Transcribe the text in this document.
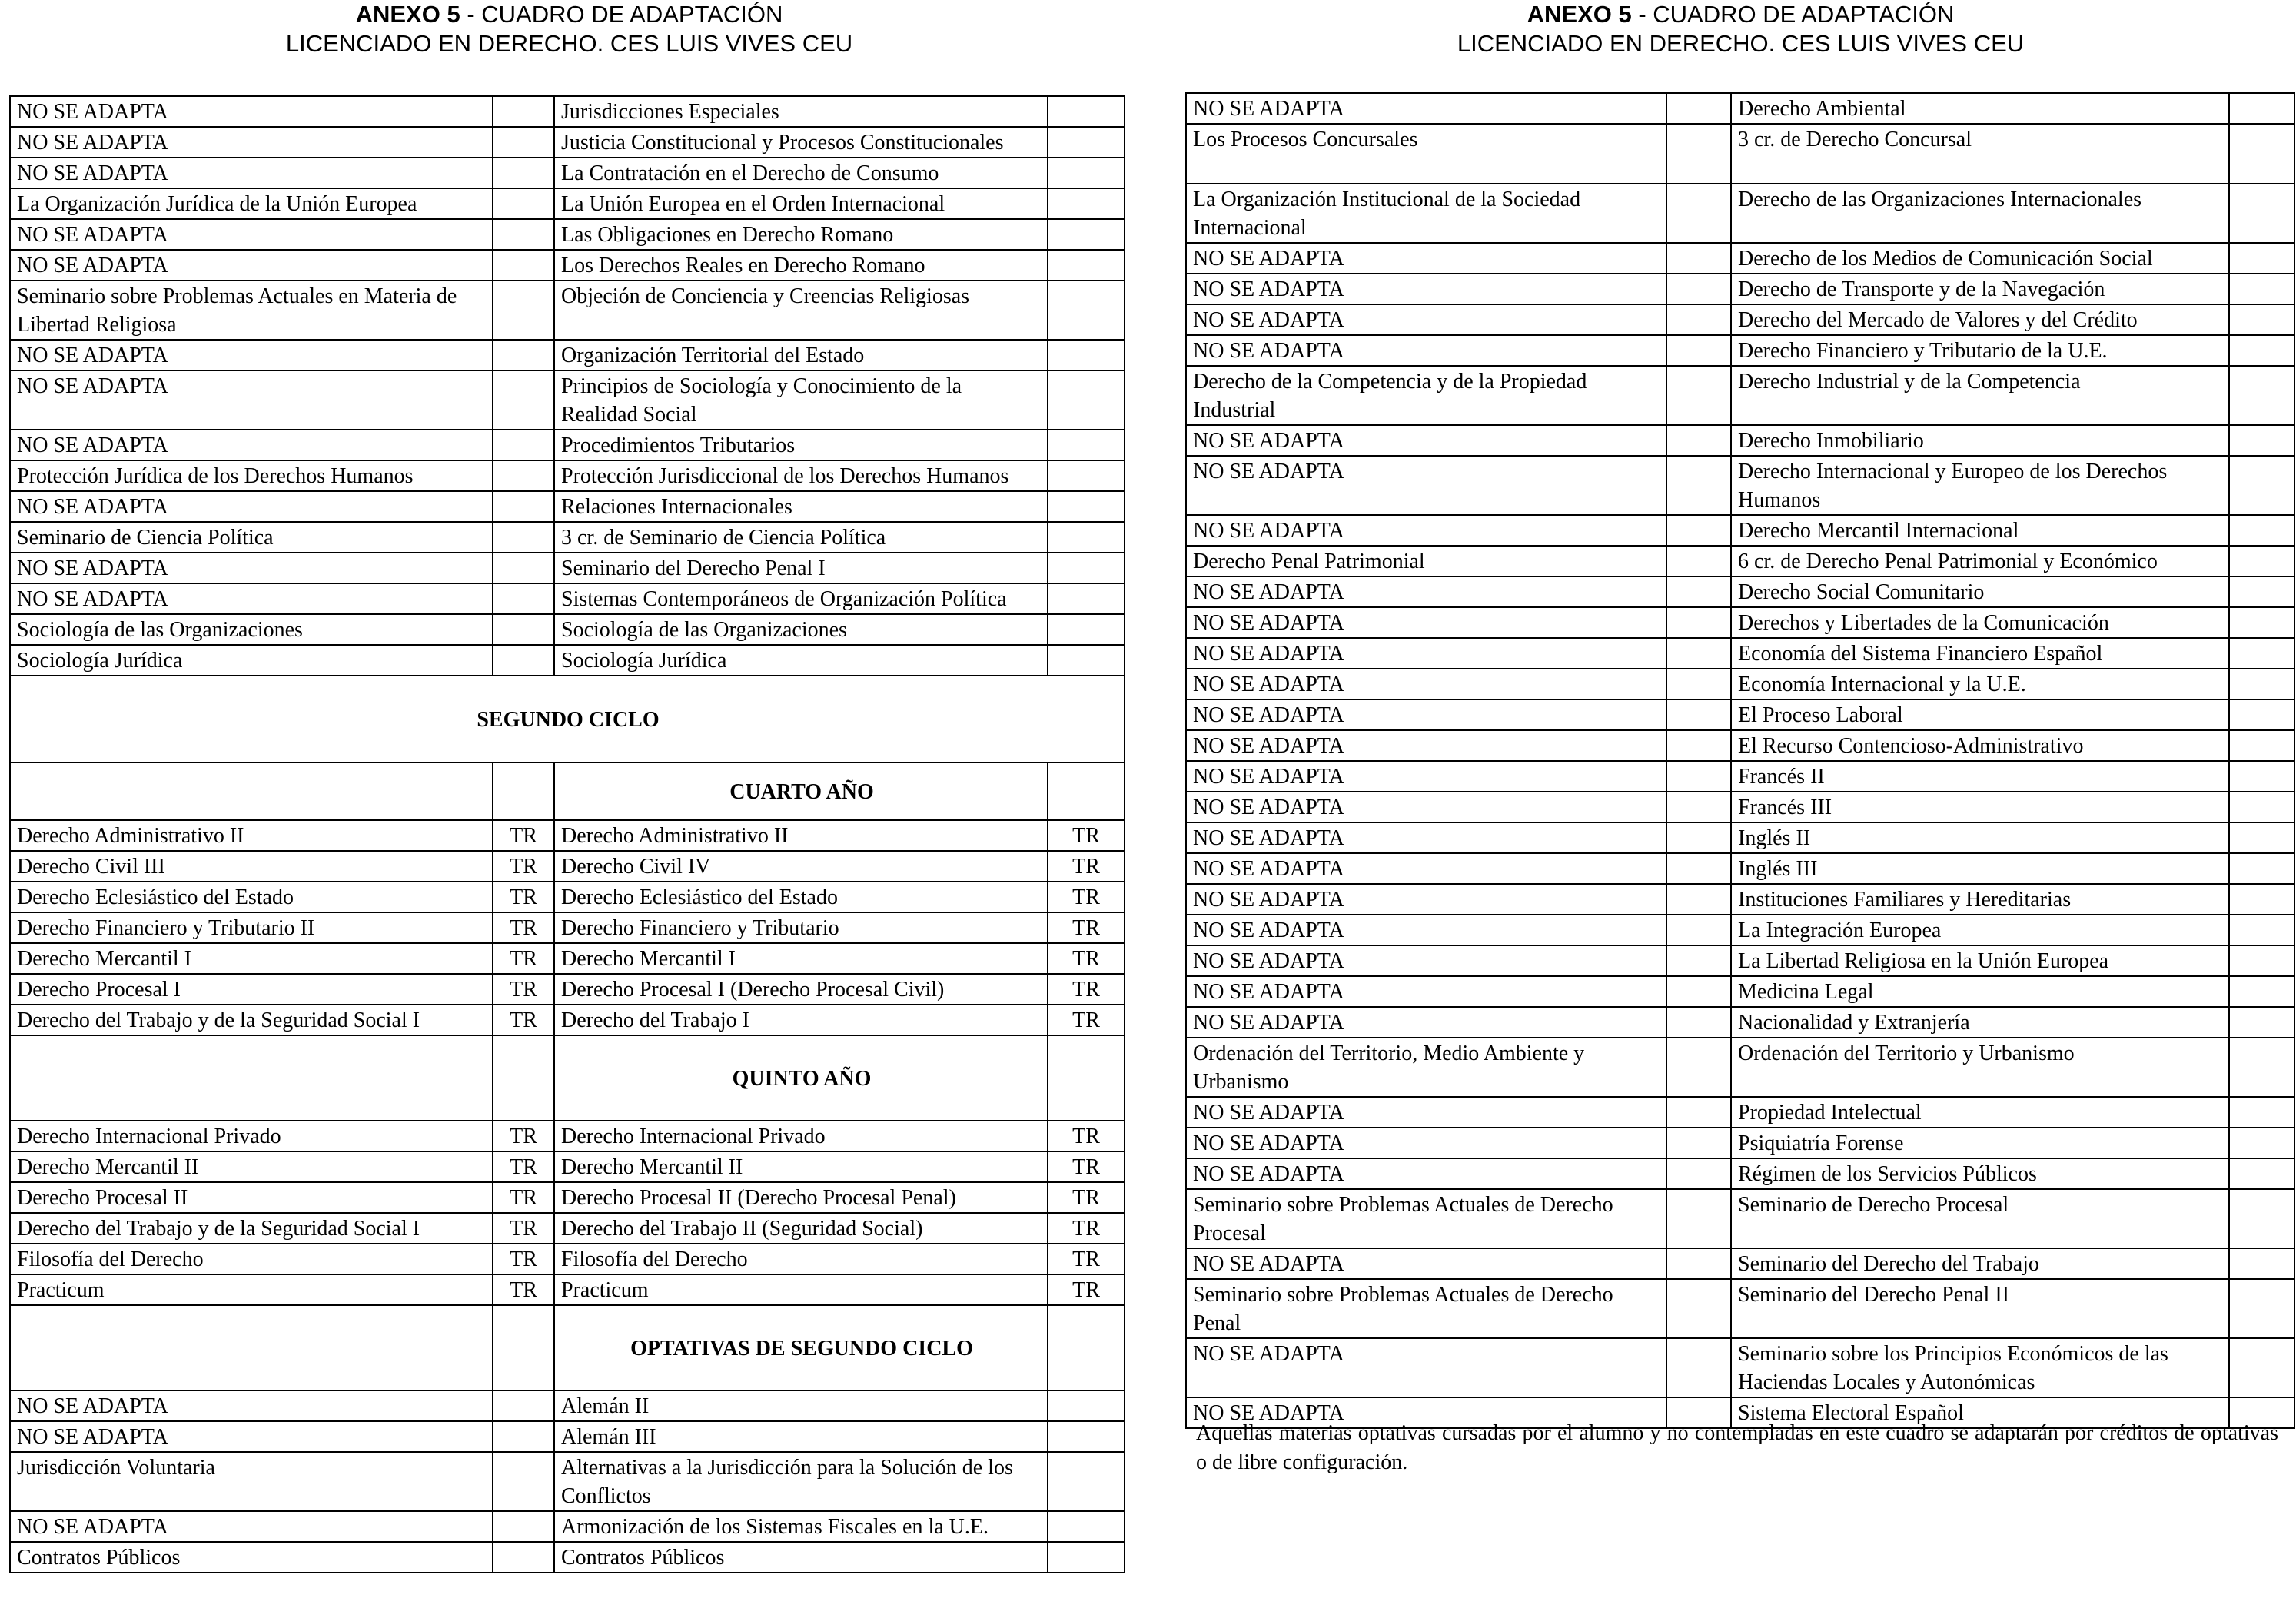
ANEXO 5 - CUADRO DE ADAPTACIÓN
LICENCIADO EN DERECHO. CES LUIS VIVES CEU
ANEXO 5 - CUADRO DE ADAPTACIÓN
LICENCIADO EN DERECHO. CES LUIS VIVES CEU
NO SE ADAPTA		Jurisdicciones Especiales	
NO SE ADAPTA		Justicia Constitucional y Procesos Constitucionales	
NO SE ADAPTA		La Contratación en el Derecho de Consumo	
La Organización Jurídica de la Unión Europea		La Unión Europea en el Orden Internacional	
NO SE ADAPTA		Las Obligaciones en Derecho Romano	
NO SE ADAPTA		Los Derechos Reales en Derecho Romano	
Seminario sobre Problemas Actuales en Materia de Libertad Religiosa		Objeción de Conciencia y Creencias Religiosas	
NO SE ADAPTA		Organización Territorial del Estado	
NO SE ADAPTA		Principios de Sociología y Conocimiento de la Realidad Social	
NO SE ADAPTA		Procedimientos Tributarios	
Protección Jurídica de los Derechos Humanos		Protección Jurisdiccional de los Derechos Humanos	
NO SE ADAPTA		Relaciones Internacionales	
Seminario de Ciencia Política		3 cr. de Seminario de Ciencia Política	
NO SE ADAPTA		Seminario del Derecho Penal I	
NO SE ADAPTA		Sistemas Contemporáneos de Organización Política	
Sociología de las Organizaciones		Sociología de las Organizaciones	
Sociología Jurídica		Sociología Jurídica	
SEGUNDO CICLO			
		CUARTO AÑO	
Derecho Administrativo II	TR	Derecho Administrativo II	TR
Derecho Civil III	TR	Derecho Civil IV	TR
Derecho Eclesiástico del Estado	TR	Derecho Eclesiástico del Estado	TR
Derecho Financiero y Tributario II	TR	Derecho Financiero y Tributario	TR
Derecho Mercantil I	TR	Derecho Mercantil I	TR
Derecho Procesal I	TR	Derecho Procesal I (Derecho Procesal Civil)	TR
Derecho del Trabajo y de la Seguridad Social I	TR	Derecho del Trabajo I	TR
		QUINTO AÑO	
Derecho Internacional Privado	TR	Derecho Internacional Privado	TR
Derecho Mercantil II	TR	Derecho Mercantil II	TR
Derecho Procesal II	TR	Derecho Procesal II (Derecho Procesal Penal)	TR
Derecho del Trabajo y de la Seguridad Social I	TR	Derecho del Trabajo II (Seguridad Social)	TR
Filosofía del Derecho	TR	Filosofía del Derecho	TR
Practicum	TR	Practicum	TR
		OPTATIVAS DE SEGUNDO CICLO	
NO SE ADAPTA		Alemán II	
NO SE ADAPTA		Alemán III	
Jurisdicción Voluntaria		Alternativas a la Jurisdicción para la Solución de los Conflictos	
NO SE ADAPTA		Armonización de los Sistemas Fiscales en la U.E.	
Contratos Públicos		Contratos Públicos	
NO SE ADAPTA		Derecho Ambiental	
Los Procesos Concursales		3 cr. de Derecho Concursal	
La Organización Institucional de la Sociedad Internacional		Derecho de las Organizaciones Internacionales	
NO SE ADAPTA		Derecho de los Medios de Comunicación Social	
NO SE ADAPTA		Derecho de Transporte y de la Navegación	
NO SE ADAPTA		Derecho del Mercado de Valores y del Crédito	
NO SE ADAPTA		Derecho Financiero y Tributario de la U.E.	
Derecho de la Competencia y de la Propiedad Industrial		Derecho Industrial y de la Competencia	
NO SE ADAPTA		Derecho Inmobiliario	
NO SE ADAPTA		Derecho Internacional y Europeo de los Derechos Humanos	
NO SE ADAPTA		Derecho Mercantil Internacional	
Derecho Penal Patrimonial		6 cr. de Derecho Penal Patrimonial y Económico	
NO SE ADAPTA		Derecho Social Comunitario	
NO SE ADAPTA		Derechos y Libertades de la Comunicación	
NO SE ADAPTA		Economía del Sistema Financiero Español	
NO SE ADAPTA		Economía Internacional y la U.E.	
NO SE ADAPTA		El Proceso Laboral	
NO SE ADAPTA		El Recurso Contencioso-Administrativo	
NO SE ADAPTA		Francés II	
NO SE ADAPTA		Francés III	
NO SE ADAPTA		Inglés II	
NO SE ADAPTA		Inglés III	
NO SE ADAPTA		Instituciones Familiares y Hereditarias	
NO SE ADAPTA		La Integración Europea	
NO SE ADAPTA		La Libertad Religiosa en la Unión Europea	
NO SE ADAPTA		Medicina Legal	
NO SE ADAPTA		Nacionalidad y Extranjería	
Ordenación del Territorio, Medio Ambiente y Urbanismo		Ordenación del Territorio y Urbanismo	
NO SE ADAPTA		Propiedad Intelectual	
NO SE ADAPTA		Psiquiatría Forense	
NO SE ADAPTA		Régimen de los Servicios Públicos	
Seminario sobre Problemas Actuales de Derecho Procesal		Seminario de Derecho Procesal	
NO SE ADAPTA		Seminario del Derecho del Trabajo	
Seminario sobre Problemas Actuales de Derecho Penal		Seminario del Derecho Penal II	
NO SE ADAPTA		Seminario sobre los Principios Económicos de las Haciendas Locales y Autonómicas	
NO SE ADAPTA		Sistema Electoral Español	

Aquellas materias optativas cursadas por el alumno y no contempladas en este cuadro se adaptarán por créditos de optativas o de libre configuración.
